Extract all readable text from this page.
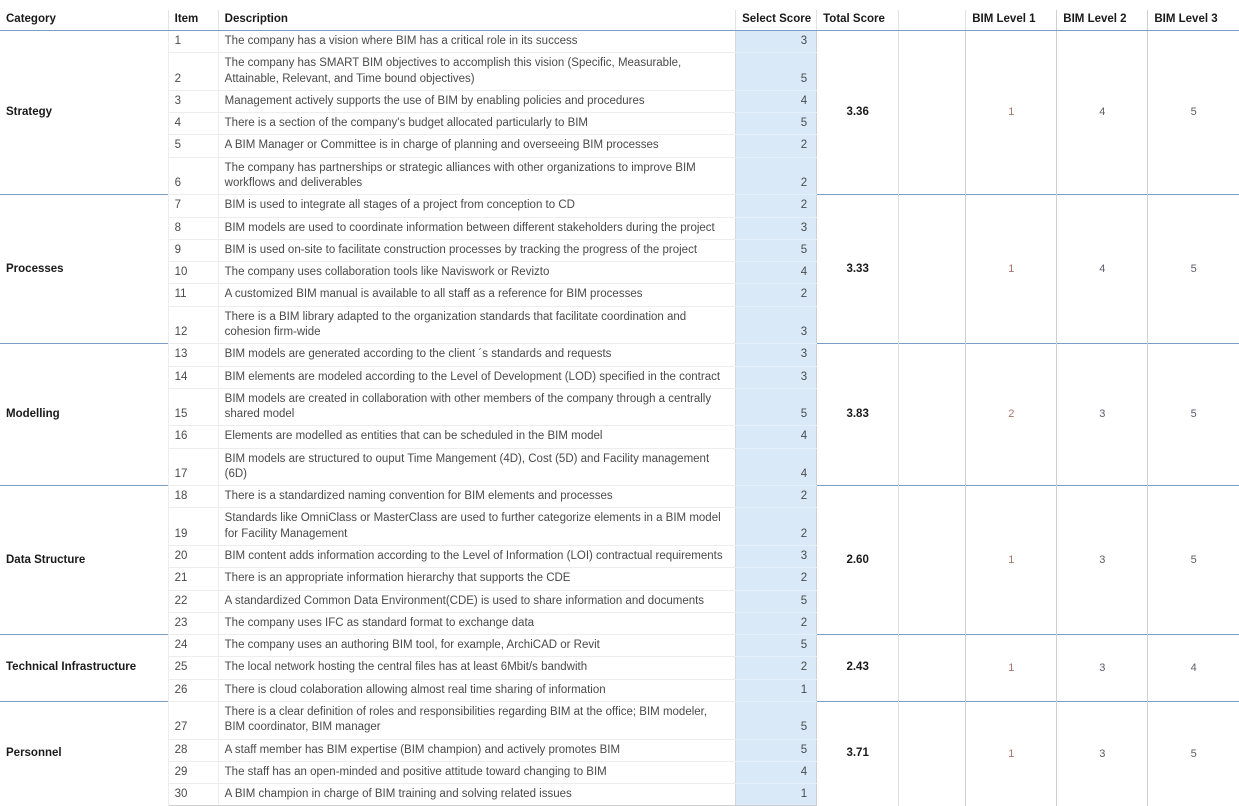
Category	Item	Description	Select Score	Total Score		BIM Level 1	BIM Level 2	BIM Level 3
Strategy	1	The company has a vision where BIM has a critical role in its success	3	3.36		1	4	5
	2	The company has SMART BIM objectives to accomplish this vision (Specific, Measurable, Attainable, Relevant, and Time bound objectives)	5					
	3	Management actively supports the use of BIM by enabling policies and procedures	4					
	4	There is a section of the company's budget allocated particularly to BIM	5					
	5	A BIM Manager or Committee is in charge of planning and overseeing BIM processes	2					
	6	The company has partnerships or strategic alliances with other organizations to improve BIM workflows and deliverables	2					
Processes	7	BIM is used to integrate all stages of a project from conception to CD	2	3.33		1	4	5
	8	BIM models are used to coordinate information between different stakeholders during the project	3					
	9	BIM is used on-site to facilitate construction processes by tracking the progress of the project	5					
	10	The company uses collaboration tools like Naviswork or Revizto	4					
	11	A customized BIM manual is available to all staff as a reference for BIM processes	2					
	12	There is a BIM library adapted to the organization standards that facilitate coordination and cohesion firm-wide	3					
Modelling	13	BIM models are generated according to the client ´s standards and requests	3	3.83		2	3	5
	14	BIM elements are modeled according to the Level of Development (LOD) specified in the contract	3					
	15	BIM models are created in collaboration with other members of the company through a centrally shared model	5					
	16	Elements are modelled as entities that can be scheduled in the BIM model	4					
	17	BIM models are structured to ouput Time Mangement (4D), Cost (5D) and Facility management (6D)	4					
Data Structure	18	There is a standardized naming convention for BIM elements and processes	2	2.60		1	3	5
	19	Standards like OmniClass or MasterClass are used to further categorize elements in a BIM model for Facility Management	2					
	20	BIM content adds information according to the Level of Information (LOI) contractual requirements	3					
	21	There is an appropriate information hierarchy that supports the CDE	2					
	22	A standardized Common Data Environment(CDE) is used to share information and documents	5					
	23	The company uses IFC as standard format to exchange data	2					
Technical Infrastructure	24	The company uses an authoring BIM tool, for example, ArchiCAD or Revit	5	2.43		1	3	4
	25	The local network hosting the central files has at least 6Mbit/s bandwith	2					
	26	There is cloud colaboration allowing almost real time sharing of information	1					
Personnel	27	There is a clear definition of roles and responsibilities regarding BIM at the office; BIM modeler, BIM coordinator, BIM manager	5	3.71		1	3	5
	28	A staff member has BIM expertise (BIM champion) and actively promotes BIM	5					
	29	The staff has an open-minded and positive attitude toward changing to BIM	4					
	30	A BIM champion in charge of BIM training and solving related issues	1					
